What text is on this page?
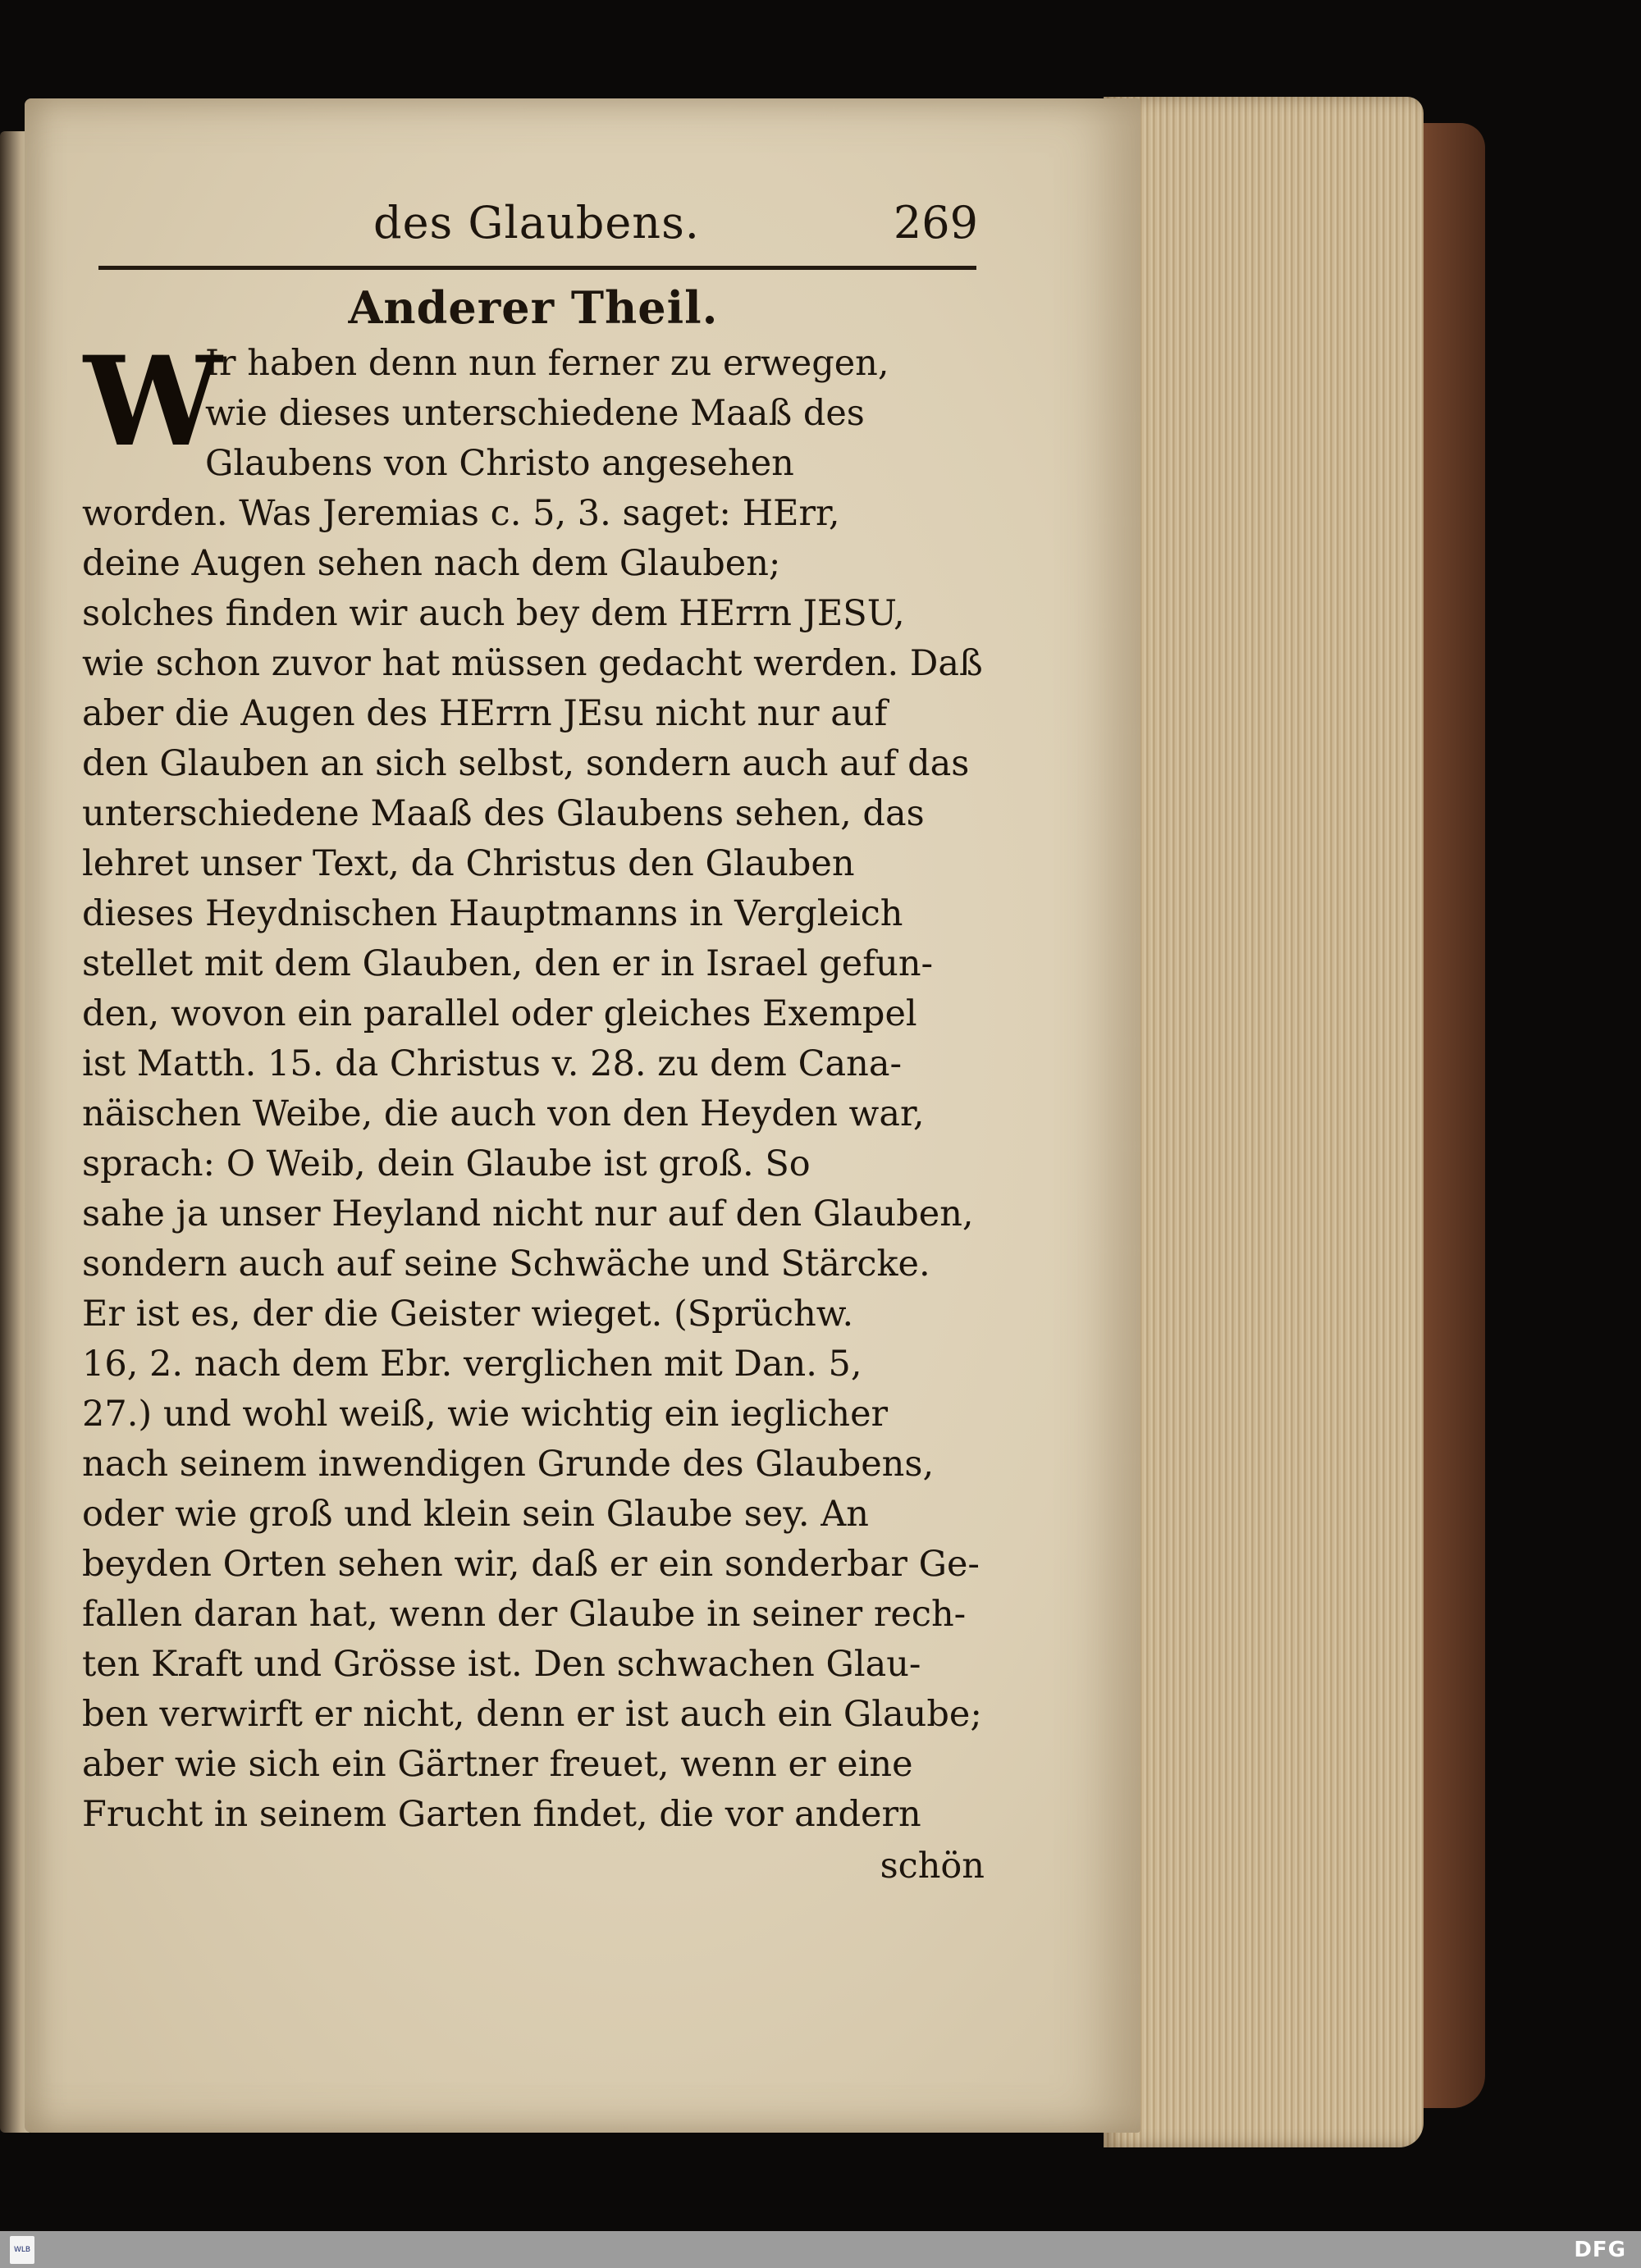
des Glaubens.	269
Anderer Theil.
W
Ir haben denn nun ferner zu erwegen,
wie dieses unterschiedene Maaß des
Glaubens von Christo angesehen
worden. Was Jeremias c. 5, 3. saget: HErr,
deine Augen sehen nach dem Glauben;
solches finden wir auch bey dem HErrn JESU,
wie schon zuvor hat müssen gedacht werden. Daß
aber die Augen des HErrn JEsu nicht nur auf
den Glauben an sich selbst, sondern auch auf das
unterschiedene Maaß des Glaubens sehen, das
lehret unser Text, da Christus den Glauben
dieses Heydnischen Hauptmanns in Vergleich
stellet mit dem Glauben, den er in Israel gefun-
den, wovon ein parallel oder gleiches Exempel
ist Matth. 15. da Christus v. 28. zu dem Cana-
näischen Weibe, die auch von den Heyden war,
sprach: O Weib, dein Glaube ist groß. So
sahe ja unser Heyland nicht nur auf den Glauben,
sondern auch auf seine Schwäche und Stärcke.
Er ist es, der die Geister wieget. (Sprüchw.
16, 2. nach dem Ebr. verglichen mit Dan. 5,
27.) und wohl weiß, wie wichtig ein ieglicher
nach seinem inwendigen Grunde des Glaubens,
oder wie groß und klein sein Glaube sey. An
beyden Orten sehen wir, daß er ein sonderbar Ge-
fallen daran hat, wenn der Glaube in seiner rech-
ten Kraft und Grösse ist. Den schwachen Glau-
ben verwirft er nicht, denn er ist auch ein Glaube;
aber wie sich ein Gärtner freuet, wenn er eine
Frucht in seinem Garten findet, die vor andern
schön
WLB	DFG
